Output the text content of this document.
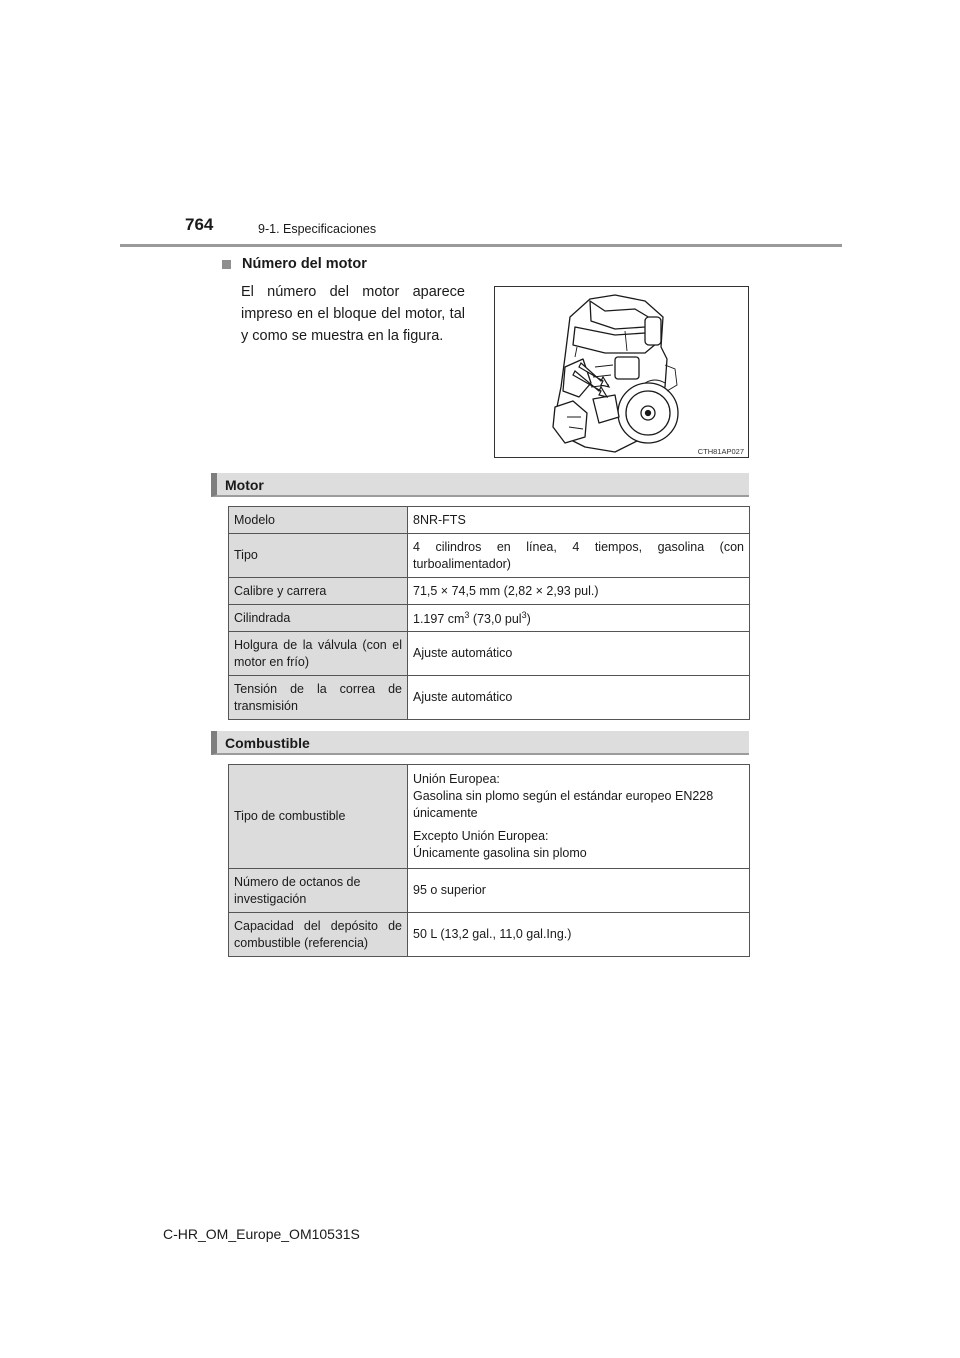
764	9-1. Especificaciones
Número del motor
El número del motor aparece impreso en el bloque del motor, tal y como se muestra en la figura.
CTH81AP027
Motor
Modelo	8NR-FTS
Tipo	4 cilindros en línea, 4 tiempos, gasolina (con turboalimentador)
Calibre y carrera	71,5 × 74,5 mm (2,82 × 2,93 pul.)
Cilindrada	1.197 $cm^3$ (73,0 pul$^3$)
Holgura de la válvula (con el motor en frío)	Ajuste automático
Tensión de la correa de transmisión	Ajuste automático
Combustible
Tipo de combustible	Unión Europea:
Gasolina sin plomo según el estándar europeo EN228 únicamente
Excepto Unión Europea:
Únicamente gasolina sin plomo

Número de octanos de investigación	95 o superior
Capacidad del depósito de combustible (referencia)	50 L (13,2 gal., 11,0 gal.Ing.)
C-HR_OM_Europe_OM10531S
